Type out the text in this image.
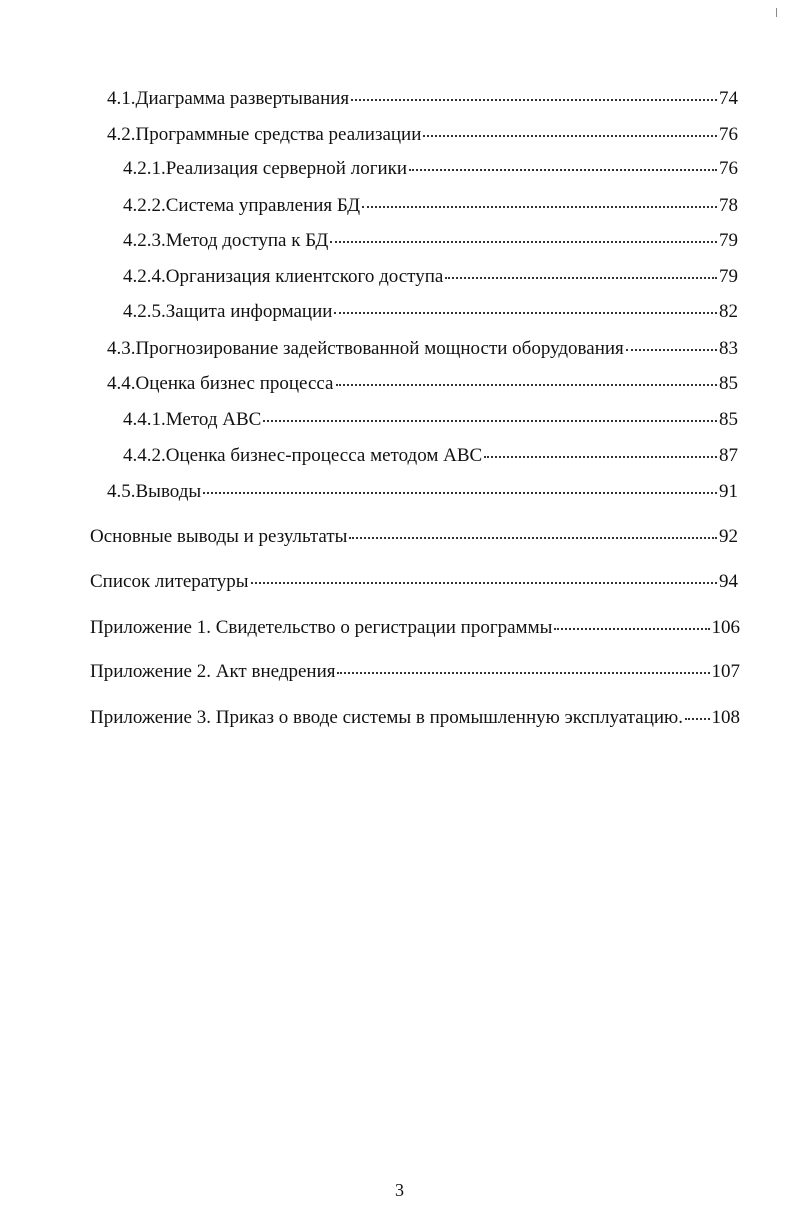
4.1.Диаграмма развертывания	74
4.2.Программные средства реализации	76
4.2.1.Реализация серверной логики	76
4.2.2.Система управления БД	78
4.2.3.Метод доступа к БД	79
4.2.4.Организация клиентского доступа	79
4.2.5.Защита информации	82
4.3.Прогнозирование задействованной мощности оборудования	83
4.4.Оценка бизнес процесса	85
4.4.1.Метод АВС	85
4.4.2.Оценка бизнес-процесса методом АВС	87
4.5.Выводы	91
Основные выводы и результаты	92
Список литературы	94
Приложение 1. Свидетельство о регистрации программы	106
Приложение 2. Акт внедрения	107
Приложение 3. Приказ о вводе системы в промышленную эксплуатацию. 108
3
